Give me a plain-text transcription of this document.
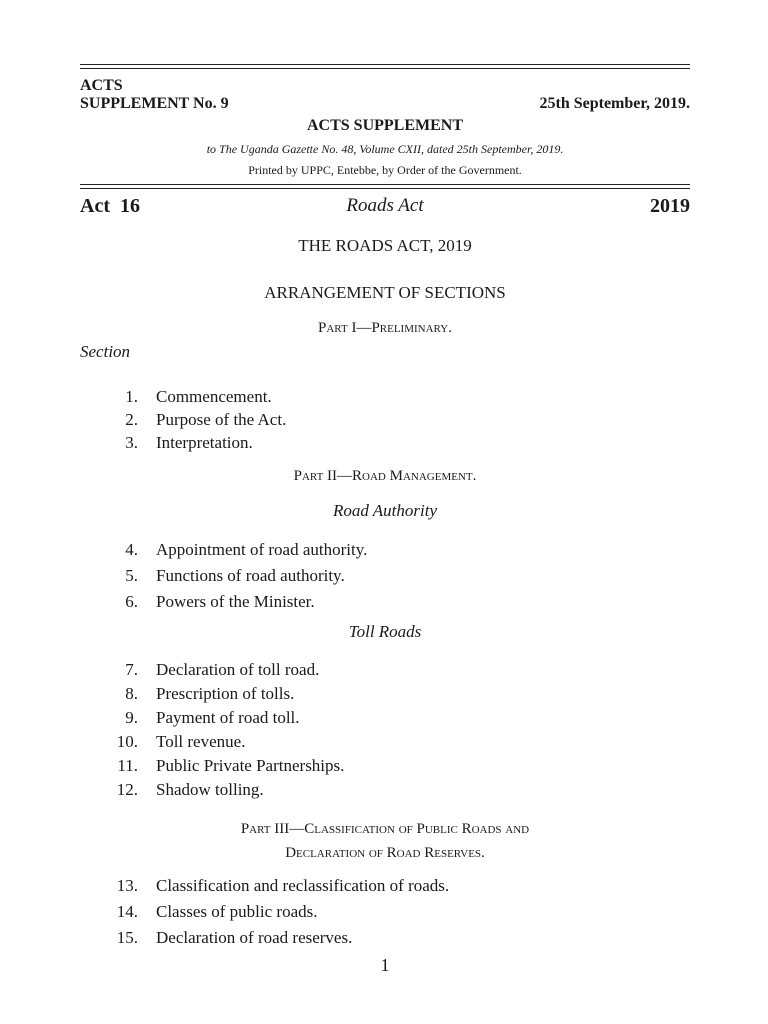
ACTS
SUPPLEMENT No. 9	25th September, 2019.
ACTS SUPPLEMENT
to The Uganda Gazette No. 48, Volume CXII, dated 25th September, 2019.
Printed by UPPC, Entebbe, by Order of the Government.
Act  16	Roads Act	2019
THE ROADS ACT, 2019
ARRANGEMENT OF SECTIONS
Part I—Preliminary.
Section
1. Commencement.
2. Purpose of the Act.
3. Interpretation.
Part II—Road Management.
Road Authority
4. Appointment of road authority.
5. Functions of road authority.
6. Powers of the Minister.
Toll Roads
7. Declaration of toll road.
8. Prescription of tolls.
9. Payment of road toll.
10. Toll revenue.
11. Public Private Partnerships.
12. Shadow tolling.
Part III—Classification of Public Roads and
Declaration of Road Reserves.
13. Classification and reclassification of roads.
14. Classes of public roads.
15. Declaration of road reserves.
1
